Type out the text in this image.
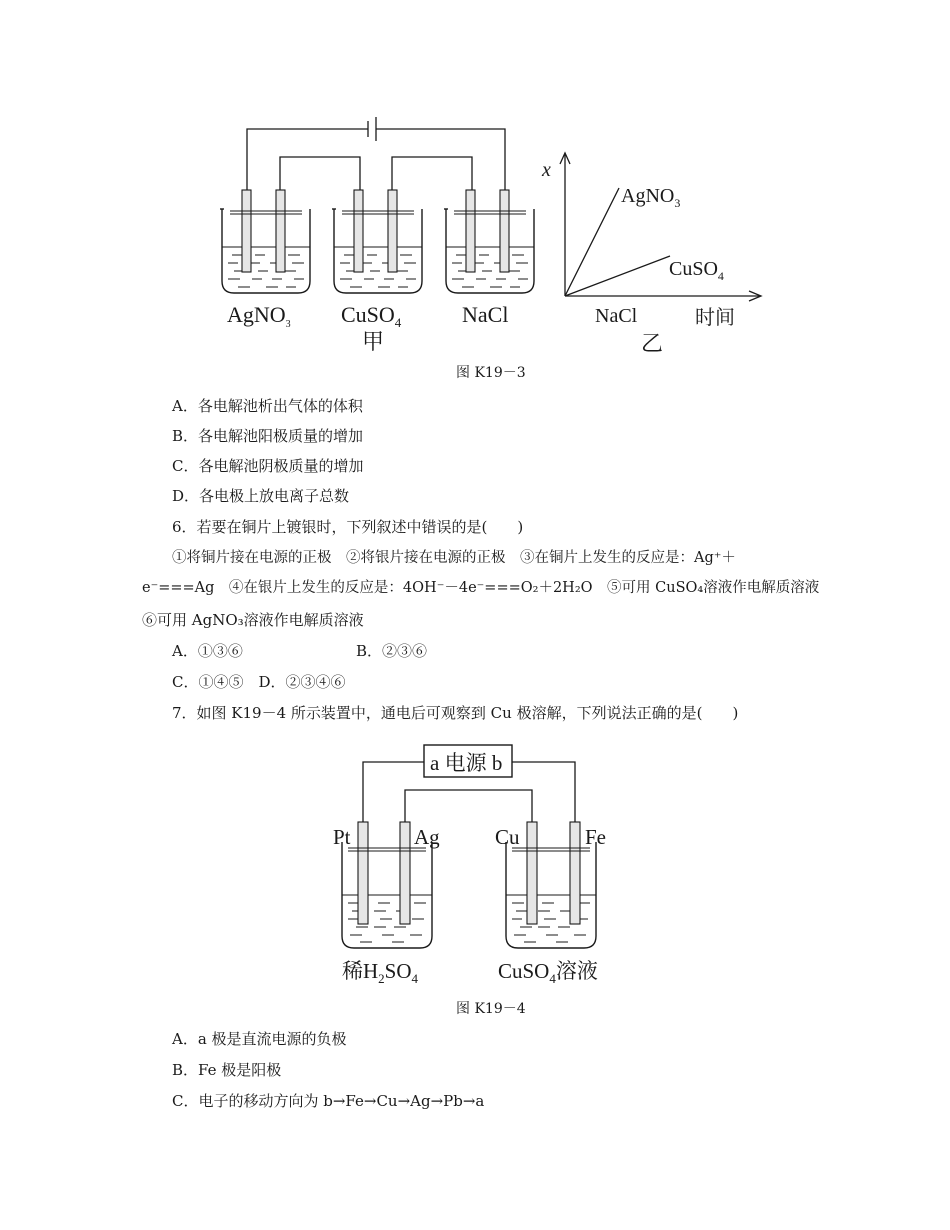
AgNO$_3$ CuSO$_4$	NaCl
甲
x
AgNO$_3$
CuSO$_4$
NaCl	时间
乙
图 K19－3
A．各电解池析出气体的体积
B．各电解池阳极质量的增加
C．各电解池阴极质量的增加
D．各电极上放电离子总数
6．若要在铜片上镀银时，下列叙述中错误的是(　　)
①将铜片接在电源的正极　②将银片接在电源的正极　③在铜片上发生的反应是：Ag⁺＋
e⁻===Ag　④在银片上发生的反应是：4OH⁻－4e⁻===O₂＋2H₂O　⑤可用 CuSO₄溶液作电解质溶液
⑥可用 AgNO₃溶液作电解质溶液
A．①③⑥	B．②③⑥
C．①④⑤　D．②③④⑥
7．如图 K19－4 所示装置中，通电后可观察到 Cu 极溶解，下列说法正确的是(　　)
a 电源 b
Pt	Ag	Cu	Fe
稀$H_2SO_4$	CuSO$_4$溶液
图 K19－4
A．a 极是直流电源的负极
B．Fe 极是阳极
C．电子的移动方向为 b→Fe→Cu→Ag→Pb→a
